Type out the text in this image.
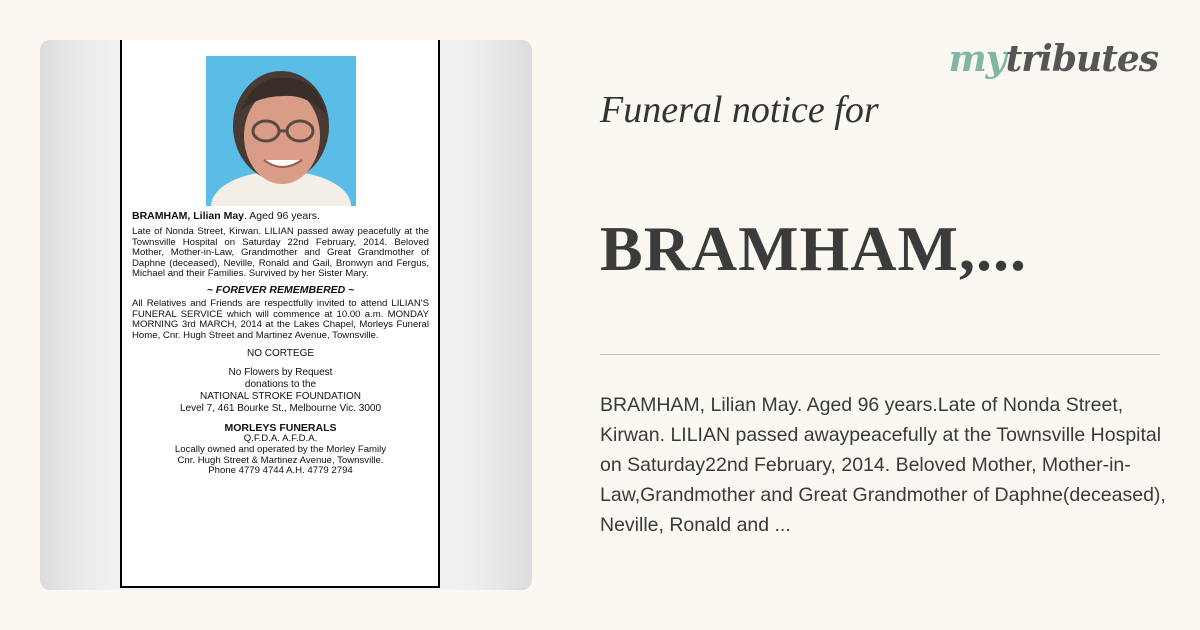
BRAMHAM, Lilian May. Aged 96 years.
Late of Nonda Street, Kirwan. LILIAN passed away peacefully at the Townsville Hospital on Saturday 22nd February, 2014. Beloved Mother, Mother-in-Law, Grandmother and Great Grandmother of Daphne (deceased), Neville, Ronald and Gail, Bronwyn and Fergus, Michael and their Families. Survived by her Sister Mary.
~ FOREVER REMEMBERED ~
All Relatives and Friends are respectfully invited to attend LILIAN'S FUNERAL SERVICE which will commence at 10.00 a.m. MONDAY MORNING 3rd MARCH, 2014 at the Lakes Chapel, Morleys Funeral Home, Cnr. Hugh Street and Martinez Avenue, Townsville.
NO CORTEGE
No Flowers by Request
donations to the
NATIONAL STROKE FOUNDATION
Level 7, 461 Bourke St., Melbourne Vic. 3000
MORLEYS FUNERALS
Q.F.D.A. A.F.D.A.
Locally owned and operated by the Morley Family
Cnr. Hugh Street & Martinez Avenue, Townsville.
Phone 4779 4744 A.H. 4779 2794
mytributes
Funeral notice for
BRAMHAM,...
BRAMHAM, Lilian May. Aged 96 years.Late of Nonda Street, Kirwan. LILIAN passed awaypeacefully at the Townsville Hospital on Saturday22nd February, 2014. Beloved Mother, Mother-in-Law,Grandmother and Great Grandmother of Daphne(deceased), Neville, Ronald and ...
